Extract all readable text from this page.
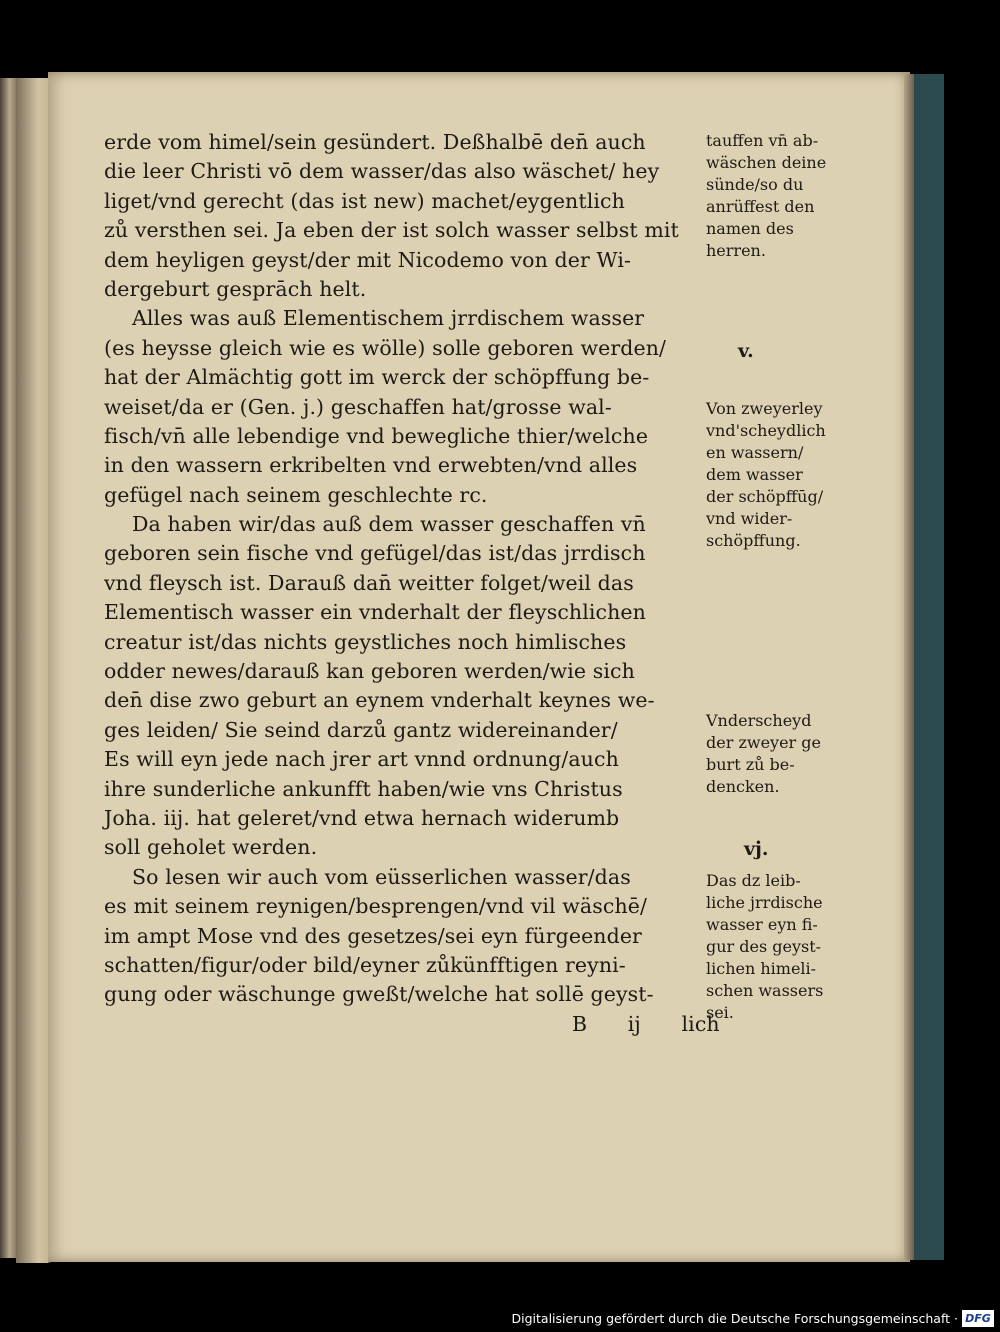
erde vom himel/sein gesündert. Deßhalbē den̄ auch
die leer Christi vō dem wasser/das also wäschet/ hey
liget/vnd gerecht (das ist new) machet/eygentlich
zů versthen sei. Ja eben der ist solch wasser selbst mit
dem heyligen geyst/der mit Nicodemo von der Wi-
dergeburt gesprāch helt.
Alles was auß Elementischem jrrdischem wasser
(es heysse gleich wie es wölle) solle geboren werden/
hat der Almächtig gott im werck der schöpffung be-
weiset/da er (Gen. j.) geschaffen hat/grosse wal-
fisch/vn̄ alle lebendige vnd bewegliche thier/welche
in den wassern erkribelten vnd erwebten/vnd alles
gefügel nach seinem geschlechte rc.
Da haben wir/das auß dem wasser geschaffen vn̄
geboren sein fische vnd gefügel/das ist/das jrrdisch
vnd fleysch ist. Darauß dan̄ weitter folget/weil das
Elementisch wasser ein vnderhalt der fleyschlichen
creatur ist/das nichts geystliches noch himlisches
odder newes/darauß kan geboren werden/wie sich
den̄ dise zwo geburt an eynem vnderhalt keynes we-
ges leiden/ Sie seind darzů gantz widereinander/
Es will eyn jede nach jrer art vnnd ordnung/auch
ihre sunderliche ankunfft haben/wie vns Christus
Joha. iij. hat geleret/vnd etwa hernach widerumb
soll geholet werden.
So lesen wir auch vom eüsserlichen wasser/das
es mit seinem reynigen/besprengen/vnd vil wäschē/
im ampt Mose vnd des gesetzes/sei eyn fürgeender
schatten/figur/oder bild/eyner zůkünfftigen reyni-
gung oder wäschunge gweßt/welche hat sollē geyst-
B ij lich
tauffen vn̄ ab-
wäschen deine
sünde/so du
anrüffest den
namen des
herren.
v.
Von zweyerley
vnd'scheydlich
en wassern/
dem wasser
der schöpffūg/
vnd wider-
schöpffung.
Vnderscheyd
der zweyer ge
burt zů be-
dencken.
vj.
Das dz leib-
liche jrrdische
wasser eyn fi-
gur des geyst-
lichen himeli-
schen wassers
sei.
Digitalisierung gefördert durch die Deutsche Forschungsgemeinschaft · DFG
